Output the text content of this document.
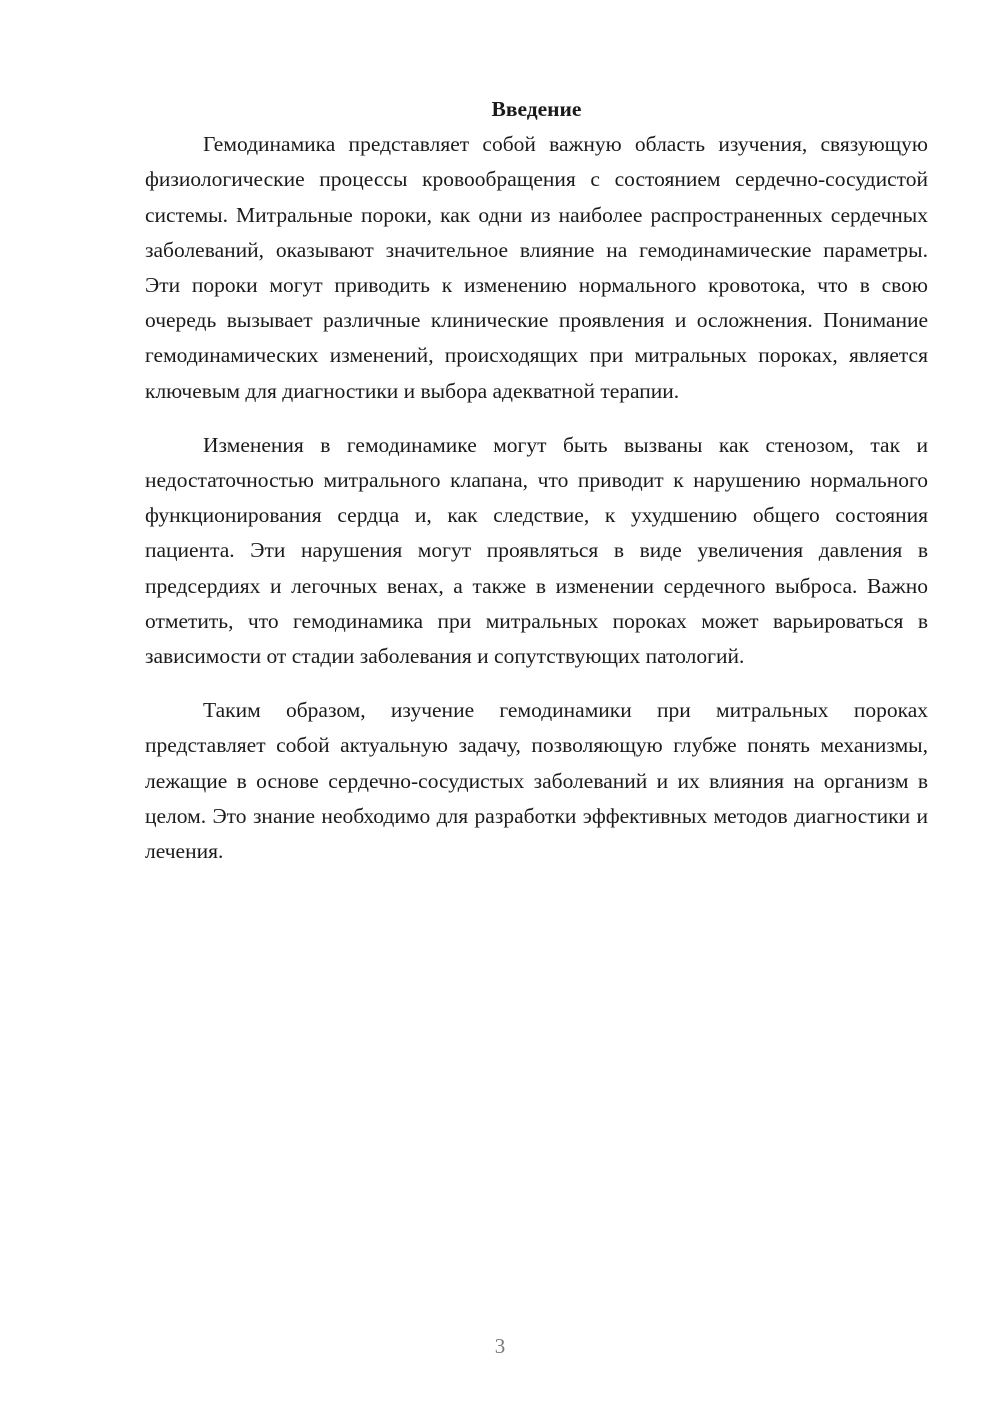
Введение

Гемодинамика представляет собой важную область изучения, связующую физиологические процессы кровообращения с состоянием сердечно-сосудистой системы. Митральные пороки, как одни из наиболее распространенных сердечных заболеваний, оказывают значительное влияние на гемодинамические параметры. Эти пороки могут приводить к изменению нормального кровотока, что в свою очередь вызывает различные клинические проявления и осложнения. Понимание гемодинамических изменений, происходящих при митральных пороках, является ключевым для диагностики и выбора адекватной терапии.

Изменения в гемодинамике могут быть вызваны как стенозом, так и недостаточностью митрального клапана, что приводит к нарушению нормального функционирования сердца и, как следствие, к ухудшению общего состояния пациента. Эти нарушения могут проявляться в виде увеличения давления в предсердиях и легочных венах, а также в изменении сердечного выброса. Важно отметить, что гемодинамика при митральных пороках может варьироваться в зависимости от стадии заболевания и сопутствующих патологий.

Таким образом, изучение гемодинамики при митральных пороках представляет собой актуальную задачу, позволяющую глубже понять механизмы, лежащие в основе сердечно-сосудистых заболеваний и их влияния на организм в целом. Это знание необходимо для разработки эффективных методов диагностики и лечения.

3
